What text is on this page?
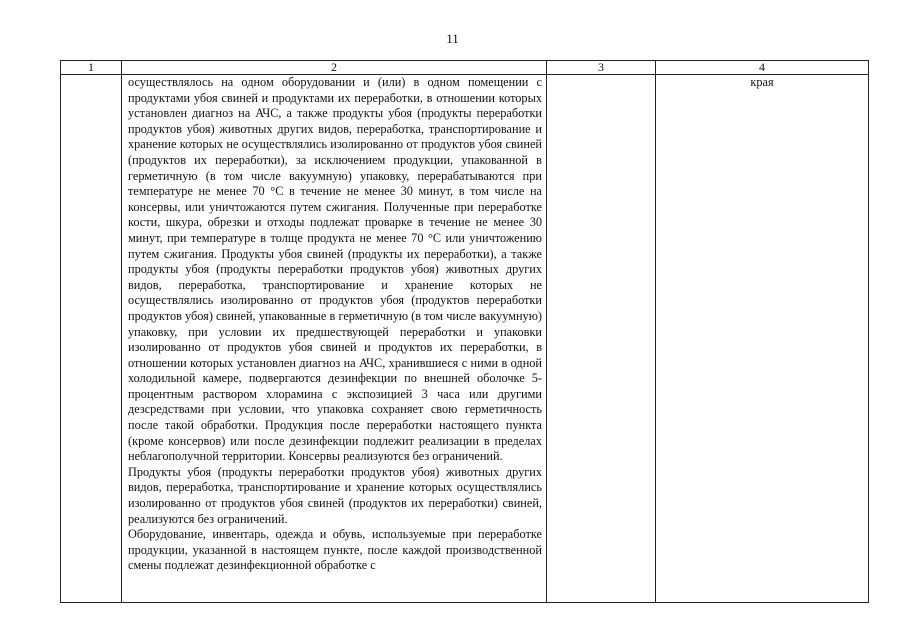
11
1	2	3	4

	осуществлялось на одном оборудовании и (или) в одном помещении с продуктами убоя свиней и продуктами их переработки, в отношении которых установлен диагноз на АЧС, а также продукты убоя (продукты переработки продуктов убоя) животных других видов, переработка, транспортирование и хранение которых не осуществлялись изолированно от продуктов убоя свиней (продуктов их переработки), за исключением продукции, упакованной в герметичную (в том числе вакуумную) упаковку, перерабатываются при температуре не менее 70 °С в течение не менее 30 минут, в том числе на консервы, или уничтожаются путем сжигания. Полученные при переработке кости, шкура, обрезки и отходы подлежат проварке в течение не менее 30 минут, при температуре в толще продукта не менее 70 °С или уничтожению путем сжигания. Продукты убоя свиней (продукты их переработки), а также продукты убоя (продукты переработки продуктов убоя) животных других видов, переработка, транспортирование и хранение которых не осуществлялись изолированно от продуктов убоя (продуктов переработки продуктов убоя) свиней, упакованные в герметичную (в том числе вакуумную) упаковку, при условии их предшествующей переработки и упаковки изолированно от продуктов убоя свиней и продуктов их переработки, в отношении которых установлен диагноз на АЧС, хранившиеся с ними в одной холодильной камере, подвергаются дезинфекции по внешней оболочке 5-процентным раствором хлорамина с экспозицией 3 часа или другими дезсредствами при условии, что упаковка сохраняет свою герметичность после такой обработки. Продукция после переработки настоящего пункта (кроме консервов) или после дезинфекции подлежит реализации в пределах неблагополучной территории. Консервы реализуются без ограничений.

Продукты убоя (продукты переработки продуктов убоя) животных других видов, переработка, транспортирование и хранение которых осуществлялись изолированно от продуктов убоя свиней (продуктов их переработки) свиней, реализуются без ограничений.

Оборудование, инвентарь, одежда и обувь, используемые при переработке продукции, указанной в настоящем пункте, после каждой производственной смены подлежат дезинфекционной обработке с		края
